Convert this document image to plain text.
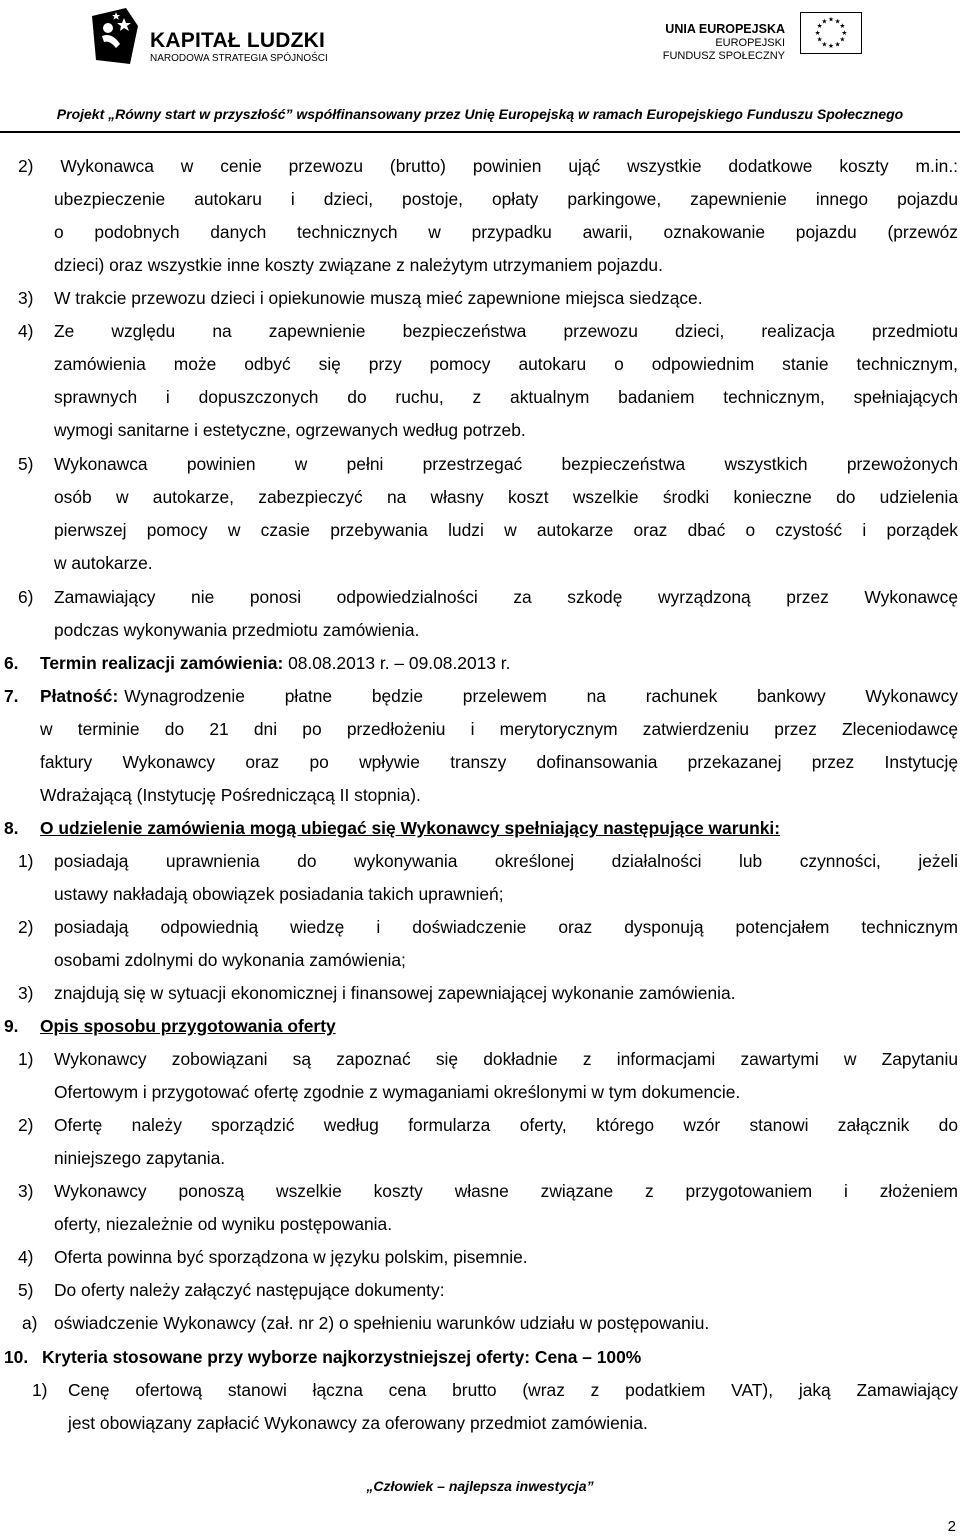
KAPITAŁ LUDZKI
NARODOWA STRATEGIA SPÓJNOŚCI
UNIA EUROPEJSKA
EUROPEJSKI
FUNDUSZ SPOŁECZNY
★ ★
★
★
★
★
★
★
★
★
★
★
Projekt „Równy start w przyszłość” współfinansowany przez Unię Europejską w ramach Europejskiego Funduszu Społecznego
2) Wykonawca w cenie przewozu (brutto) powinien ująć wszystkie dodatkowe koszty m.in.:
ubezpieczenie autokaru i dzieci, postoje, opłaty parkingowe, zapewnienie innego pojazdu
o podobnych danych technicznych w przypadku awarii, oznakowanie pojazdu (przewóz
dzieci) oraz wszystkie inne koszty związane z należytym utrzymaniem pojazdu.
3) W trakcie przewozu dzieci i opiekunowie muszą mieć zapewnione miejsca siedzące.
4) Ze względu na zapewnienie bezpieczeństwa przewozu dzieci, realizacja przedmiotu
zamówienia może odbyć się przy pomocy autokaru o odpowiednim stanie technicznym,
sprawnych i dopuszczonych do ruchu, z aktualnym badaniem technicznym, spełniających
wymogi sanitarne i estetyczne, ogrzewanych według potrzeb.
5) Wykonawca powinien w pełni przestrzegać bezpieczeństwa wszystkich przewożonych
osób w autokarze, zabezpieczyć na własny koszt wszelkie środki konieczne do udzielenia
pierwszej pomocy w czasie przebywania ludzi w autokarze oraz dbać o czystość i porządek
w autokarze.
6) Zamawiający nie ponosi odpowiedzialności za szkodę wyrządzoną przez Wykonawcę
podczas wykonywania przedmiotu zamówienia.
6. Termin realizacji zamówienia: 08.08.2013 r. – 09.08.2013 r.
7. Płatność: Wynagrodzenie płatne będzie przelewem na rachunek bankowy Wykonawcy
w terminie do 21 dni po przedłożeniu i merytorycznym zatwierdzeniu przez Zleceniodawcę
faktury Wykonawcy oraz po wpływie transzy dofinansowania przekazanej przez Instytucję
Wdrażającą (Instytucję Pośredniczącą II stopnia).
8. O udzielenie zamówienia mogą ubiegać się Wykonawcy spełniający następujące warunki:
1) posiadają uprawnienia do wykonywania określonej działalności lub czynności, jeżeli
ustawy nakładają obowiązek posiadania takich uprawnień;
2) posiadają odpowiednią wiedzę i doświadczenie oraz dysponują potencjałem technicznym
osobami zdolnymi do wykonania zamówienia;
3) znajdują się w sytuacji ekonomicznej i finansowej zapewniającej wykonanie zamówienia.
9. Opis sposobu przygotowania oferty
1) Wykonawcy zobowiązani są zapoznać się dokładnie z informacjami zawartymi w Zapytaniu
Ofertowym i przygotować ofertę zgodnie z wymaganiami określonymi w tym dokumencie.
2) Ofertę należy sporządzić według formularza oferty, którego wzór stanowi załącznik do
niniejszego zapytania.
3) Wykonawcy ponoszą wszelkie koszty własne związane z przygotowaniem i złożeniem
oferty, niezależnie od wyniku postępowania.
4) Oferta powinna być sporządzona w języku polskim, pisemnie.
5) Do oferty należy załączyć następujące dokumenty:
a) oświadczenie Wykonawcy (zał. nr 2) o spełnieniu warunków udziału w postępowaniu.
10. Kryteria stosowane przy wyborze najkorzystniejszej oferty: Cena – 100%
1) Cenę ofertową stanowi łączna cena brutto (wraz z podatkiem VAT), jaką Zamawiający
jest obowiązany zapłacić Wykonawcy za oferowany przedmiot zamówienia.
„Człowiek – najlepsza inwestycja”
2
